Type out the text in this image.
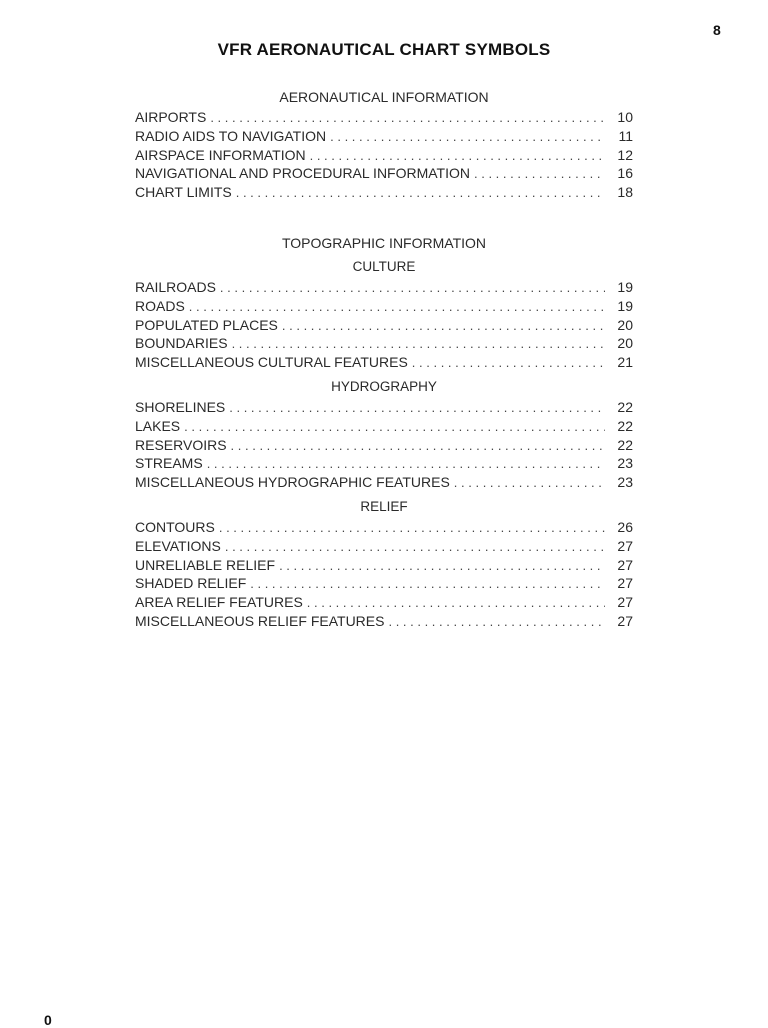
8
VFR AERONAUTICAL CHART SYMBOLS
AERONAUTICAL INFORMATION
AIRPORTS . . .	10
RADIO AIDS TO NAVIGATION . . .	11
AIRSPACE INFORMATION . . .	12
NAVIGATIONAL AND PROCEDURAL INFORMATION . . .	16
CHART LIMITS . . .	18
TOPOGRAPHIC INFORMATION
CULTURE
RAILROADS . . .	19
ROADS . . .	19
POPULATED PLACES . . .	20
BOUNDARIES . . .	20
MISCELLANEOUS CULTURAL FEATURES . . .	21
HYDROGRAPHY
SHORELINES . . .	22
LAKES . . .	22
RESERVOIRS . . .	22
STREAMS . . .	23
MISCELLANEOUS HYDROGRAPHIC FEATURES . . .	23
RELIEF
CONTOURS . . .	26
ELEVATIONS . . .	27
UNRELIABLE RELIEF . . .	27
SHADED RELIEF . . .	27
AREA RELIEF FEATURES . . .	27
MISCELLANEOUS RELIEF FEATURES . . .	27
0
